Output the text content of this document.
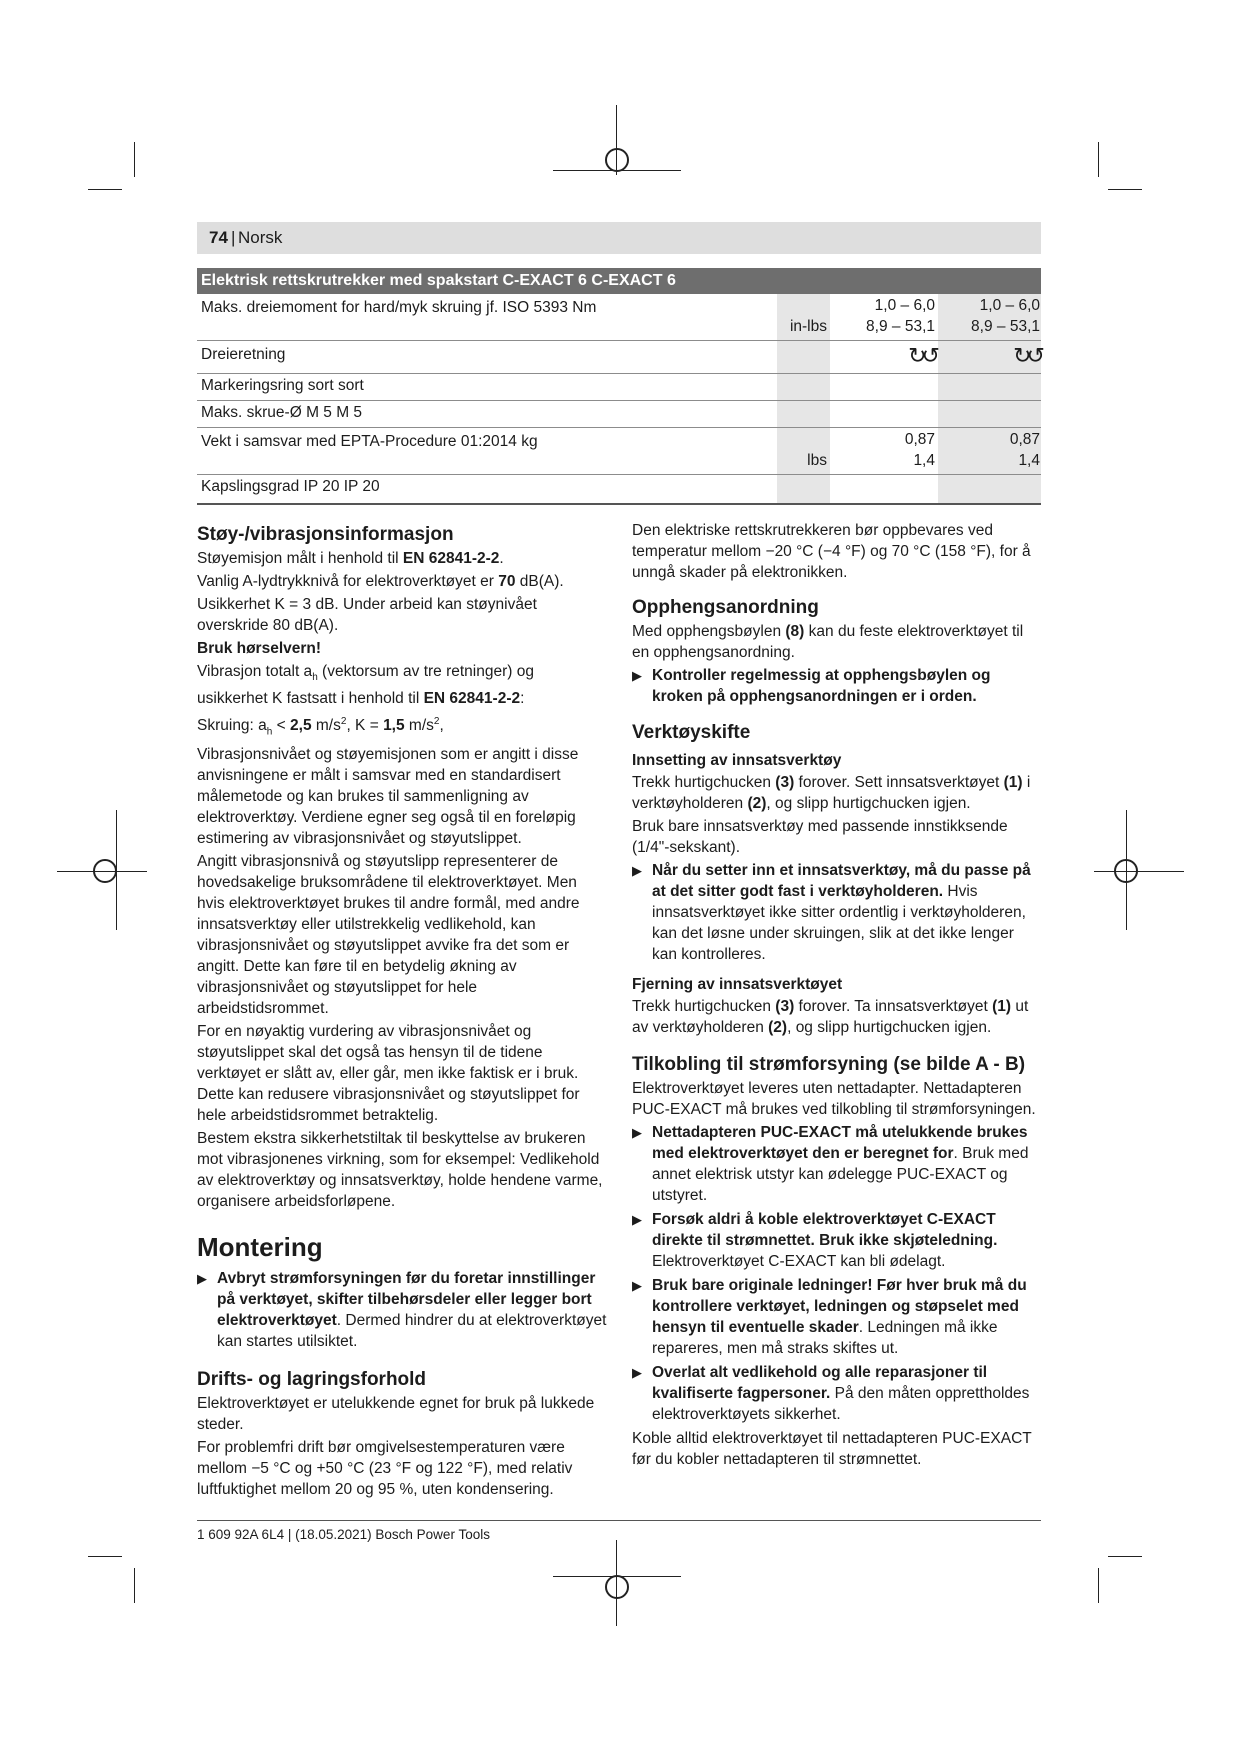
74 | Norsk
Elektrisk rettskrutrekker med spakstart C-EXACT 6 C-EXACT 6
Maks. dreiemoment for hard/myk skruing jf. ISO 5393 Nm
in-lbs
1,0 – 6,0
8,9 – 53,1
1,0 – 6,0
8,9 – 53,1
Dreieretning	↻↺	↻↺
Markeringsring sort sort
Maks. skrue-Ø M 5 M 5
Vekt i samsvar med EPTA-Procedure 01:2014 kg
lbs
0,87
1,4
0,87
1,4
Kapslingsgrad IP 20 IP 20
Støy-/vibrasjonsinformasjon

Støyemisjon målt i henhold til EN 62841-2-2.

Vanlig A-lydtrykknivå for elektroverktøyet er 70 dB(A).

Usikkerhet K = 3 dB. Under arbeid kan støynivået overskride 80 dB(A).

Bruk hørselvern!

Vibrasjon totalt $a_h$ (vektorsum av tre retninger) og usikkerhet K fastsatt i henhold til EN 62841-2-2:

Skruing: $a_h < 2,5$ $m/s^2$, K = 1,5 $m/s^2$,

Vibrasjonsnivået og støyemisjonen som er angitt i disse anvisningene er målt i samsvar med en standardisert målemetode og kan brukes til sammenligning av elektroverktøy. Verdiene egner seg også til en foreløpig estimering av vibrasjonsnivået og støyutslippet.

Angitt vibrasjonsnivå og støyutslipp representerer de hovedsakelige bruksområdene til elektroverktøyet. Men hvis elektroverktøyet brukes til andre formål, med andre innsatsverktøy eller utilstrekkelig vedlikehold, kan vibrasjonsnivået og støyutslippet avvike fra det som er angitt. Dette kan føre til en betydelig økning av vibrasjonsnivået og støyutslippet for hele arbeidstidsrommet.

For en nøyaktig vurdering av vibrasjonsnivået og støyutslippet skal det også tas hensyn til de tidene verktøyet er slått av, eller går, men ikke faktisk er i bruk. Dette kan redusere vibrasjonsnivået og støyutslippet for hele arbeidstidsrommet betraktelig.

Bestem ekstra sikkerhetstiltak til beskyttelse av brukeren mot vibrasjonenes virkning, som for eksempel: Vedlikehold av elektroverktøy og innsatsverktøy, holde hendene varme, organisere arbeidsforløpene.

Montering
▶ Avbryt strømforsyningen før du foretar innstillinger på verktøyet, skifter tilbehørsdeler eller legger bort elektroverktøyet. Dermed hindrer du at elektroverktøyet kan startes utilsiktet.
Drifts- og lagringsforhold

Elektroverktøyet er utelukkende egnet for bruk på lukkede steder.

For problemfri drift bør omgivelsestemperaturen være mellom −5 °C og +50 °C (23 °F og 122 °F), med relativ luftfuktighet mellom 20 og 95 %, uten kondensering.

Den elektriske rettskrutrekkeren bør oppbevares ved temperatur mellom −20 °C (−4 °F) og 70 °C (158 °F), for å unngå skader på elektronikken.

Opphengsanordning

Med opphengsbøylen (8) kan du feste elektroverktøyet til en opphengsanordning.

▶ Kontroller regelmessig at opphengsbøylen og kroken på opphengsanordningen er i orden.
Verktøyskifte
Innsetting av innsatsverktøy

Trekk hurtigchucken (3) forover. Sett innsatsverktøyet (1) i verktøyholderen (2), og slipp hurtigchucken igjen.

Bruk bare innsatsverktøy med passende innstikksende (1/4"-sekskant).

▶ Når du setter inn et innsatsverktøy, må du passe på at det sitter godt fast i verktøyholderen. Hvis innsatsverktøyet ikke sitter ordentlig i verktøyholderen, kan det løsne under skruingen, slik at det ikke lenger kan kontrolleres.
Fjerning av innsatsverktøyet

Trekk hurtigchucken (3) forover. Ta innsatsverktøyet (1) ut av verktøyholderen (2), og slipp hurtigchucken igjen.

Tilkobling til strømforsyning (se bilde A - B)

Elektroverktøyet leveres uten nettadapter. Nettadapteren PUC-EXACT må brukes ved tilkobling til strømforsyningen.

▶ Nettadapteren PUC-EXACT må utelukkende brukes med elektroverktøyet den er beregnet for. Bruk med annet elektrisk utstyr kan ødelegge PUC-EXACT og utstyret.
▶ Forsøk aldri å koble elektroverktøyet C-EXACT direkte til strømnettet. Bruk ikke skjøteledning. Elektroverktøyet C-EXACT kan bli ødelagt.
▶ Bruk bare originale ledninger! Før hver bruk må du kontrollere verktøyet, ledningen og støpselet med hensyn til eventuelle skader. Ledningen må ikke repareres, men må straks skiftes ut.
▶ Overlat alt vedlikehold og alle reparasjoner til kvalifiserte fagpersoner. På den måten opprettholdes elektroverktøyets sikkerhet.

Koble alltid elektroverktøyet til nettadapteren PUC-EXACT før du kobler nettadapteren til strømnettet.

1 609 92A 6L4 | (18.05.2021) Bosch Power Tools
